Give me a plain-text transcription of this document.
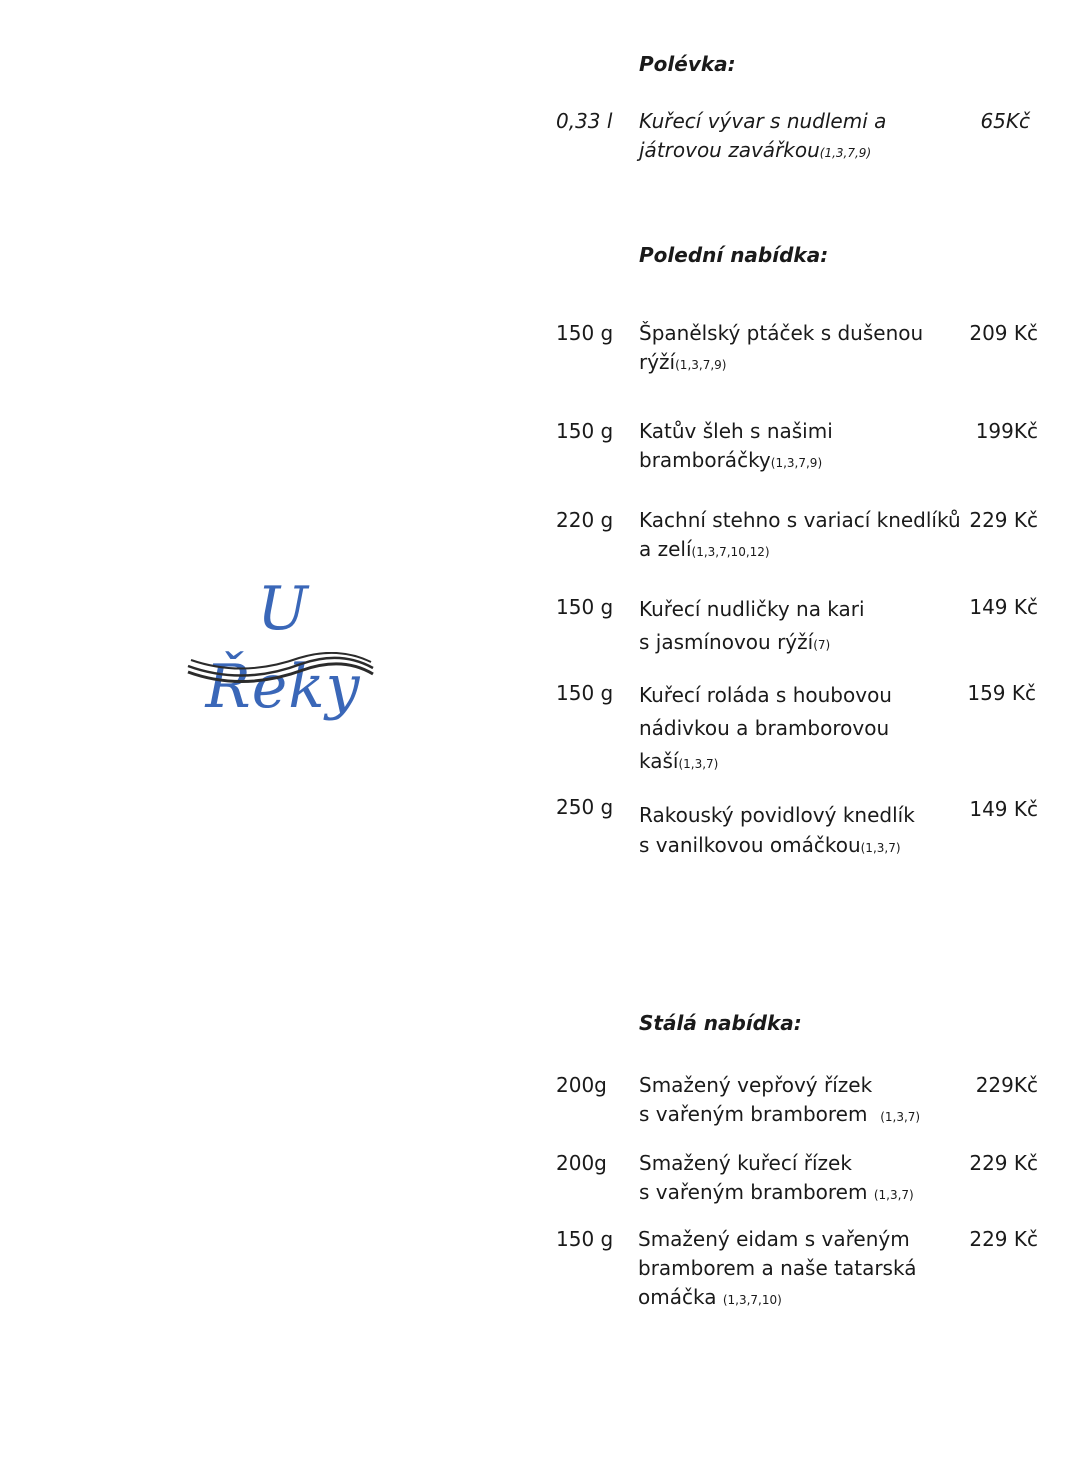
U Řeky
Polévka:
0,33 l Kuřecí vývar s nudlemi a
játrovou zavářkou(1,3,7,9)
65Kč
Polední nabídka:
150 g Španělský ptáček s dušenou
rýží(1,3,7,9)
209 Kč
150 g Katův šleh s našimi
bramboráčky(1,3,7,9)
199Kč
220 g Kachní stehno s variací knedlíků
a zelí(1,3,7,10,12)
229 Kč
150 g Kuřecí nudličky na kari
s jasmínovou rýží(7)
149 Kč
150 g Kuřecí roláda s houbovou
nádivkou a bramborovou
kaší(1,3,7)
159 Kč
250 g Rakouský povidlový knedlík
s vanilkovou omáčkou(1,3,7)
149 Kč
Stálá nabídka:
200g Smažený vepřový řízek
s vařeným bramborem (1,3,7)
229Kč
200g Smažený kuřecí řízek
s vařeným bramborem (1,3,7)
229 Kč
150 g Smažený eidam s vařeným
bramborem a naše tatarská
omáčka (1,3,7,10)
229 Kč
